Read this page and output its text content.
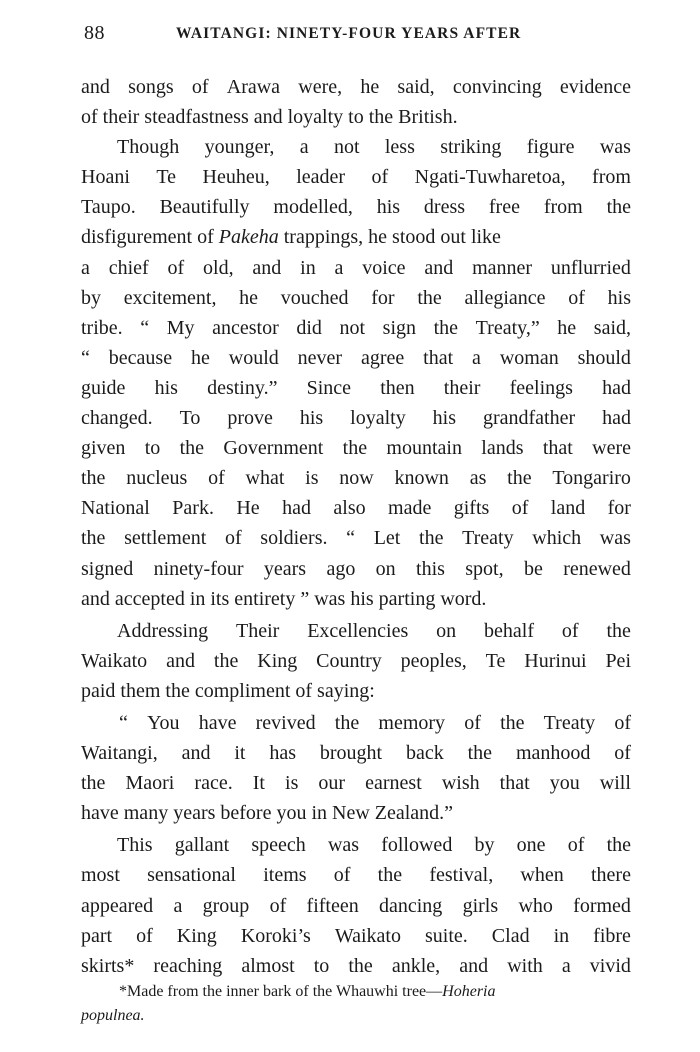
88	WAITANGI: NINETY-FOUR YEARS AFTER
and songs of Arawa were, he said, convincing evidence
of their steadfastness and loyalty to the British.
Though younger, a not less striking figure was
Hoani Te Heuheu, leader of Ngati-Tuwharetoa, from
Taupo. Beautifully modelled, his dress free from the
disfigurement of Pakeha trappings, he stood out like
a chief of old, and in a voice and manner unflurried
by excitement, he vouched for the allegiance of his
tribe. “ My ancestor did not sign the Treaty,” he said,
“ because he would never agree that a woman should
guide his destiny.” Since then their feelings had
changed. To prove his loyalty his grandfather had
given to the Government the mountain lands that were
the nucleus of what is now known as the Tongariro
National Park. He had also made gifts of land for
the settlement of soldiers. “ Let the Treaty which was
signed ninety-four years ago on this spot, be renewed
and accepted in its entirety ” was his parting word.
Addressing Their Excellencies on behalf of the
Waikato and the King Country peoples, Te Hurinui Pei
paid them the compliment of saying:
“ You have revived the memory of the Treaty of
Waitangi, and it has brought back the manhood of
the Maori race. It is our earnest wish that you will
have many years before you in New Zealand.”
This gallant speech was followed by one of the
most sensational items of the festival, when there
appeared a group of fifteen dancing girls who formed
part of King Koroki’s Waikato suite. Clad in fibre
skirts* reaching almost to the ankle, and with a vivid
*Made from the inner bark of the Whauwhi tree—Hoheria
populnea.
